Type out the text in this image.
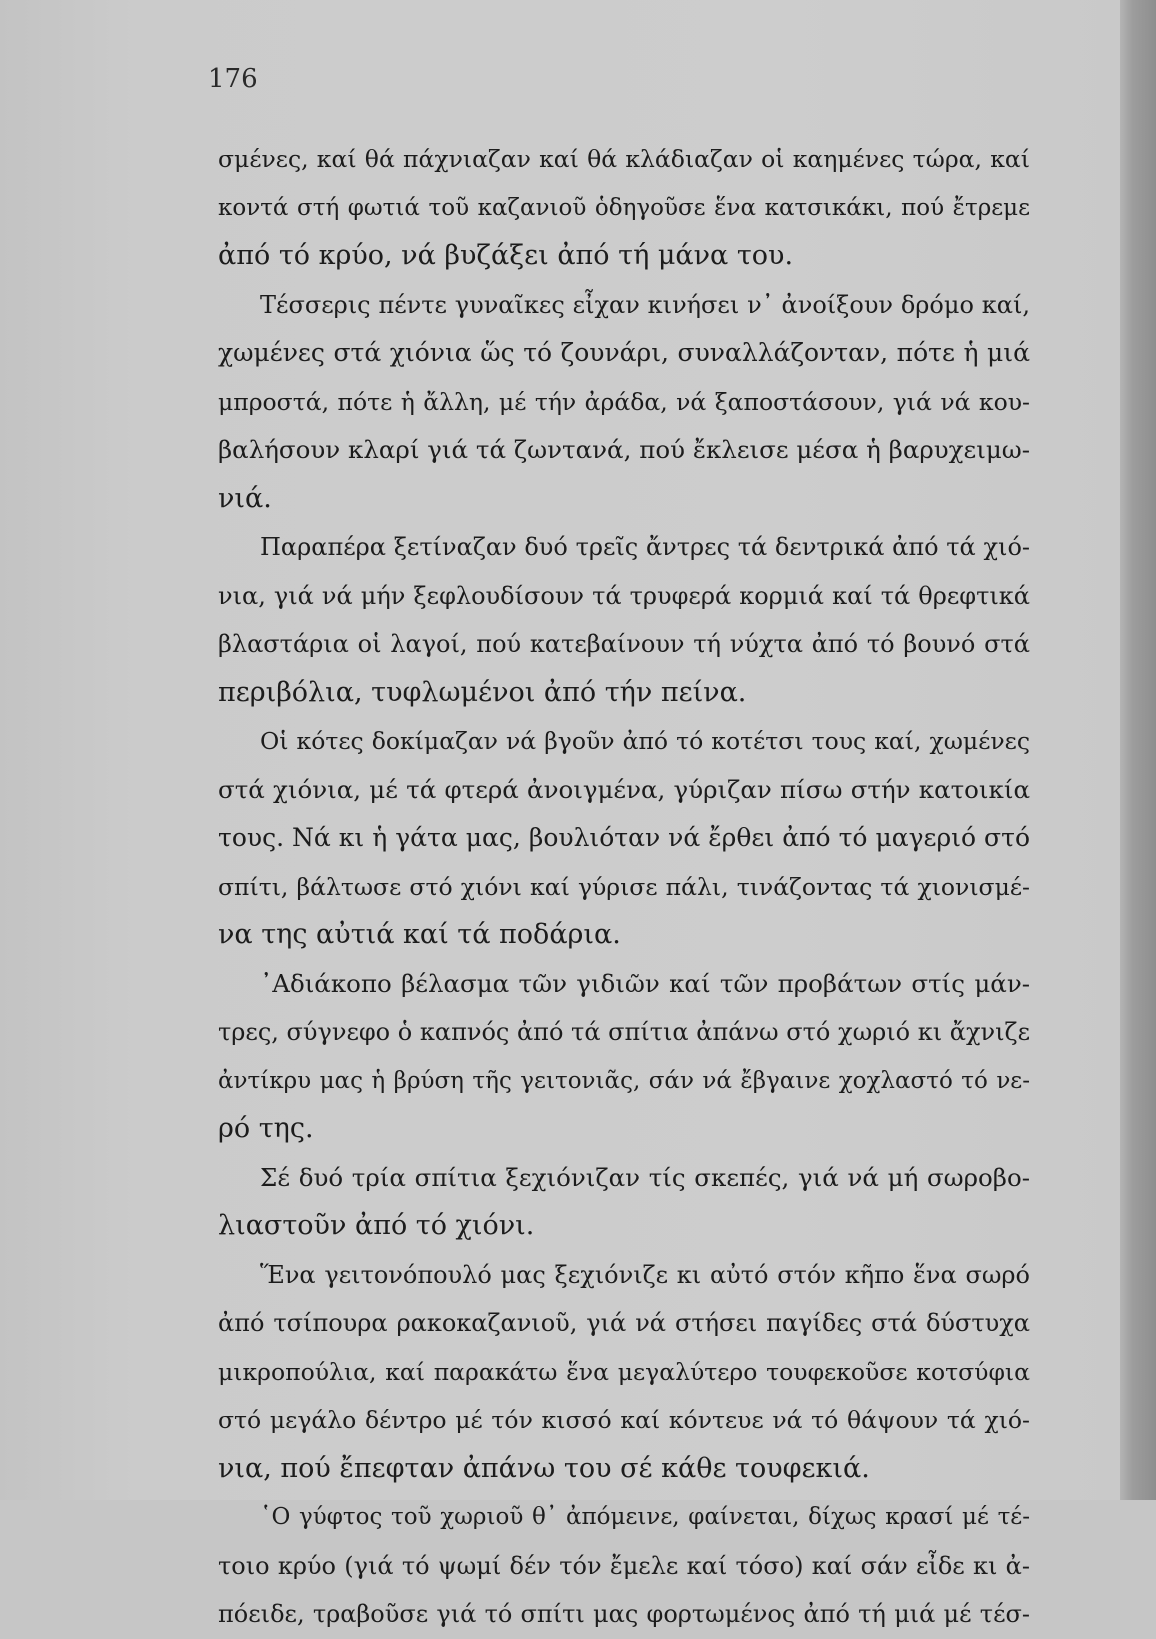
176

σμένες, καί θά πάχνιαζαν καί θά κλάδιαζαν οἱ καημένες τώρα, καί
κοντά στή φωτιά τοῦ καζανιοῦ ὁδηγοῦσε ἕνα κατσικάκι, πού ἔτρεμε
ἀπό τό κρύο, νά βυζάξει ἀπό τή μάνα του.
Τέσσερις πέντε γυναῖκες εἶχαν κινήσει ν᾽ ἀνοίξουν δρόμο καί,
χωμένες στά χιόνια ὥς τό ζουνάρι, συναλλάζονταν, πότε ἡ μιά
μπροστά, πότε ἡ ἄλλη, μέ τήν ἀράδα, νά ξαποστάσουν, γιά νά κου-
βαλήσουν κλαρί γιά τά ζωντανά, πού ἔκλεισε μέσα ἡ βαρυχειμω-
νιά.
Παραπέρα ξετίναζαν δυό τρεῖς ἄντρες τά δεντρικά ἀπό τά χιό-
νια, γιά νά μήν ξεφλουδίσουν τά τρυφερά κορμιά καί τά θρεφτικά
βλαστάρια οἱ λαγοί, πού κατεβαίνουν τή νύχτα ἀπό τό βουνό στά
περιβόλια, τυφλωμένοι ἀπό τήν πείνα.
Οἱ κότες δοκίμαζαν νά βγοῦν ἀπό τό κοτέτσι τους καί, χωμένες
στά χιόνια, μέ τά φτερά ἀνοιγμένα, γύριζαν πίσω στήν κατοικία
τους. Νά κι ἡ γάτα μας, βουλιόταν νά ἔρθει ἀπό τό μαγεριό στό
σπίτι, βάλτωσε στό χιόνι καί γύρισε πάλι, τινάζοντας τά χιονισμέ-
να της αὐτιά καί τά ποδάρια.
᾽Αδιάκοπο βέλασμα τῶν γιδιῶν καί τῶν προβάτων στίς μάν-
τρες, σύγνεφο ὁ καπνός ἀπό τά σπίτια ἀπάνω στό χωριό κι ἄχνιζε
ἀντίκρυ μας ἡ βρύση τῆς γειτονιᾶς, σάν νά ἔβγαινε χοχλαστό τό νε-
ρό της.
Σέ δυό τρία σπίτια ξεχιόνιζαν τίς σκεπές, γιά νά μή σωροβο-
λιαστοῦν ἀπό τό χιόνι.
Ἕνα γειτονόπουλό μας ξεχιόνιζε κι αὐτό στόν κῆπο ἕνα σωρό
ἀπό τσίπουρα ρακοκαζανιοῦ, γιά νά στήσει παγίδες στά δύστυχα
μικροπούλια, καί παρακάτω ἕνα μεγαλύτερο τουφεκοῦσε κοτσύφια
στό μεγάλο δέντρο μέ τόν κισσό καί κόντευε νά τό θάψουν τά χιό-
νια, πού ἔπεφταν ἀπάνω του σέ κάθε τουφεκιά.
῾Ο γύφτος τοῦ χωριοῦ θ᾽ ἀπόμεινε, φαίνεται, δίχως κρασί μέ τέ-
τοιο κρύο (γιά τό ψωμί δέν τόν ἔμελε καί τόσο) καί σάν εἶδε κι ἀ-
πόειδε, τραβοῦσε γιά τό σπίτι μας φορτωμένος ἀπό τή μιά μέ τέσ-
